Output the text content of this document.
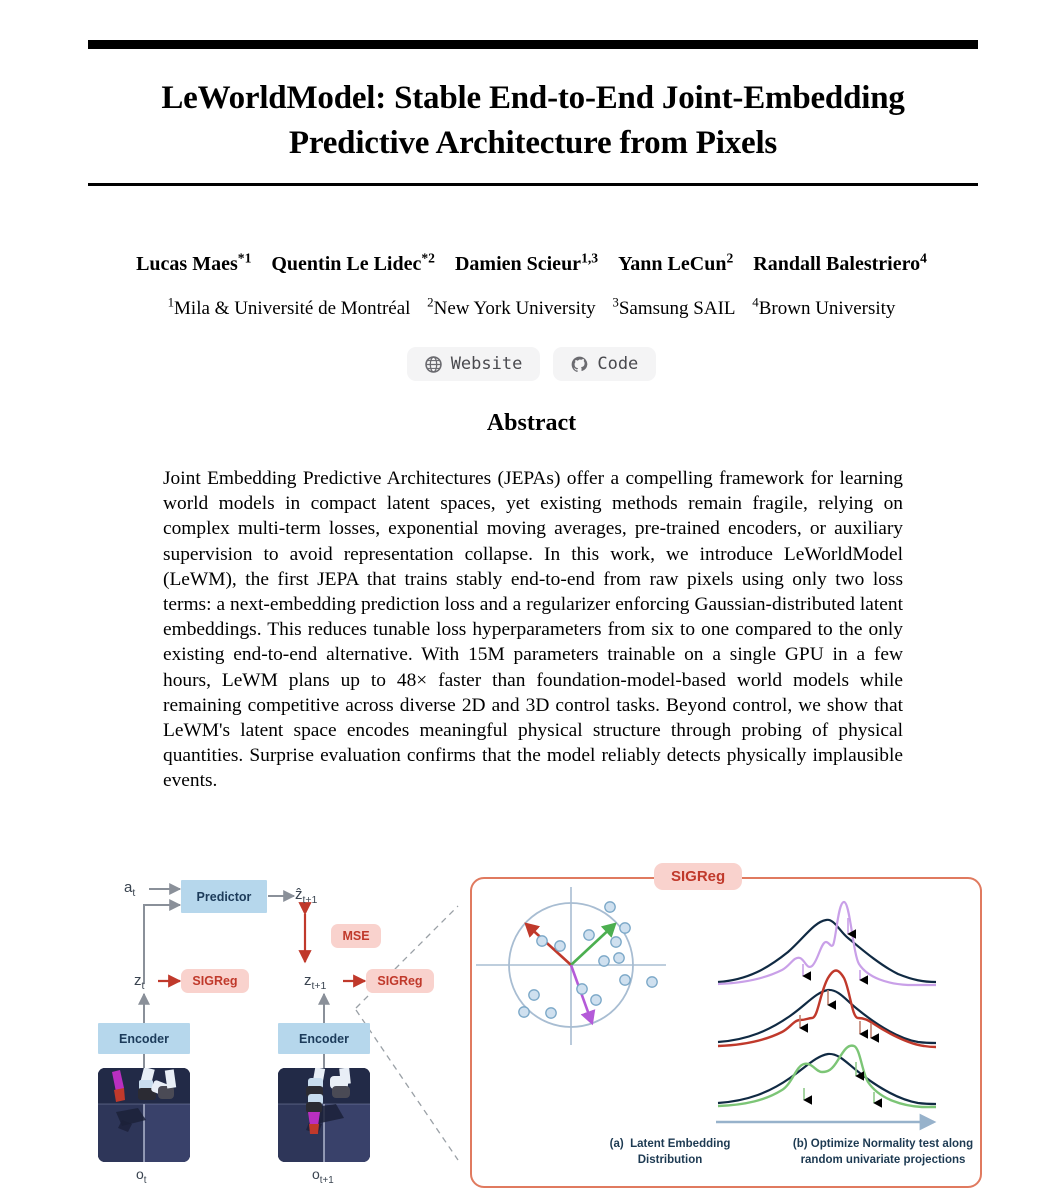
LeWorldModel: Stable End-to-End Joint-Embedding
Predictive Architecture from Pixels
Lucas Maes$^{*1}$ Quentin Le Lidec$^{*2}$ Damien Scieur$^{1,3}$ Yann LeCun$^2$ Randall Balestriero$^4$
$^1$Mila & Université de Montréal $^2$New York University $^3$Samsung SAIL $^4$Brown University
Website	Code
Abstract
Joint Embedding Predictive Architectures (JEPAs) offer a compelling framework for learning world models in compact latent spaces, yet existing methods remain fragile, relying on complex multi-term losses, exponential moving averages, pre-trained encoders, or auxiliary supervision to avoid representation collapse. In this work, we introduce LeWorldModel (LeWM), the first JEPA that trains stably end-to-end from raw pixels using only two loss terms: a next-embedding prediction loss and a regularizer enforcing Gaussian-distributed latent embeddings. This reduces tunable loss hyperparameters from six to one compared to the only existing end-to-end alternative. With 15M parameters trainable on a single GPU in a few hours, LeWM plans up to 48× faster than foundation-model-based world models while remaining competitive across diverse 2D and 3D control tasks. Beyond control, we show that LeWM's latent space encodes meaningful physical structure through probing of physical quantities. Surprise evaluation confirms that the model reliably detects physically implausible events.
$a_t$	Predictor	ẑ$_{t+1}$
MSE
$z_t$	SIGReg	$z_{t+1}$	SIGReg
Encoder	Encoder
$o_t$	$o_{t+1}$
SIGReg
(a) Latent Embedding
Distribution
(b) Optimize Normality test along
random univariate projections
